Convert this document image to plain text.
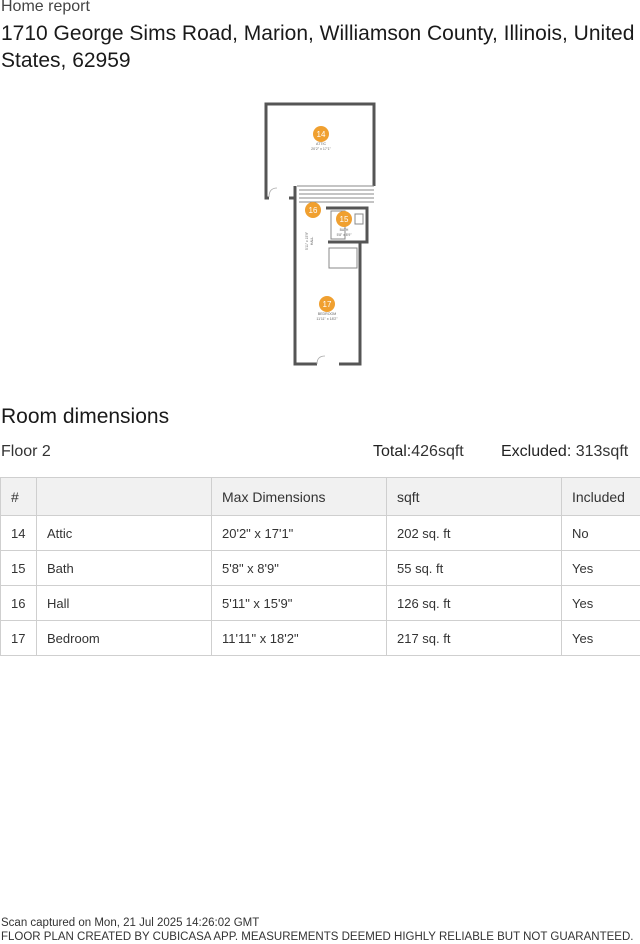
Home report
1710 George Sims Road, Marion, Williamson County, Illinois, United States, 62959
14
ATTIC
20'2" x 17'1"
16
HALL
5'11" x 15'9"
15
BATH
5'8" x 8'9"
17
BEDROOM
11'11" x 18'2"
Room dimensions
Floor 2	Total:426sqft Excluded: 313sqft
#		Max Dimensions	sqft	Included
14	Attic	20'2" x 17'1"	202 sq. ft	No
15	Bath	5'8" x 8'9"	55 sq. ft	Yes
16	Hall	5'11" x 15'9"	126 sq. ft	Yes
17	Bedroom	11'11" x 18'2"	217 sq. ft	Yes
Scan captured on Mon, 21 Jul 2025 14:26:02 GMT
FLOOR PLAN CREATED BY CUBICASA APP. MEASUREMENTS DEEMED HIGHLY RELIABLE BUT NOT GUARANTEED.
